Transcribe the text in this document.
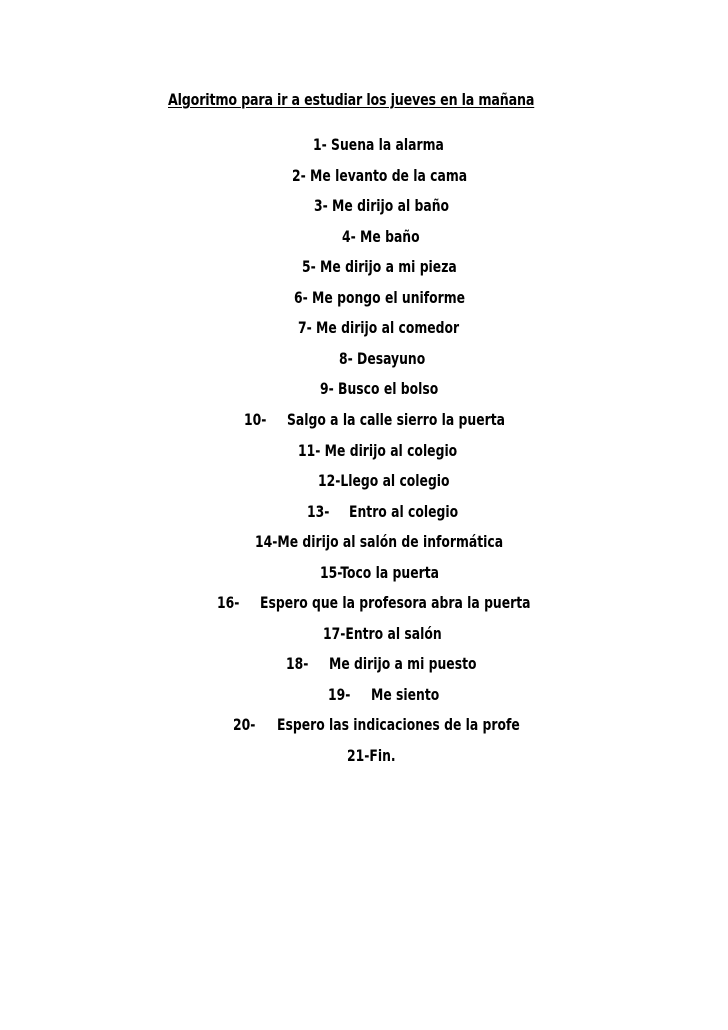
Algoritmo para ir a estudiar los jueves en la mañana
1- Suena la alarma
2- Me levanto de la cama
3- Me dirijo al baño
4- Me baño
5- Me dirijo a mi pieza
6- Me pongo el uniforme
7- Me dirijo al comedor
8- Desayuno
9- Busco el bolso
10- Salgo a la calle sierro la puerta
11- Me dirijo al colegio
12-Llego al colegio
13- Entro al colegio
14-Me dirijo al salón de informática
15-Toco la puerta
16- Espero que la profesora abra la puerta
17-Entro al salón
18- Me dirijo a mi puesto
19- Me siento
20- Espero las indicaciones de la profe
21-Fin.
